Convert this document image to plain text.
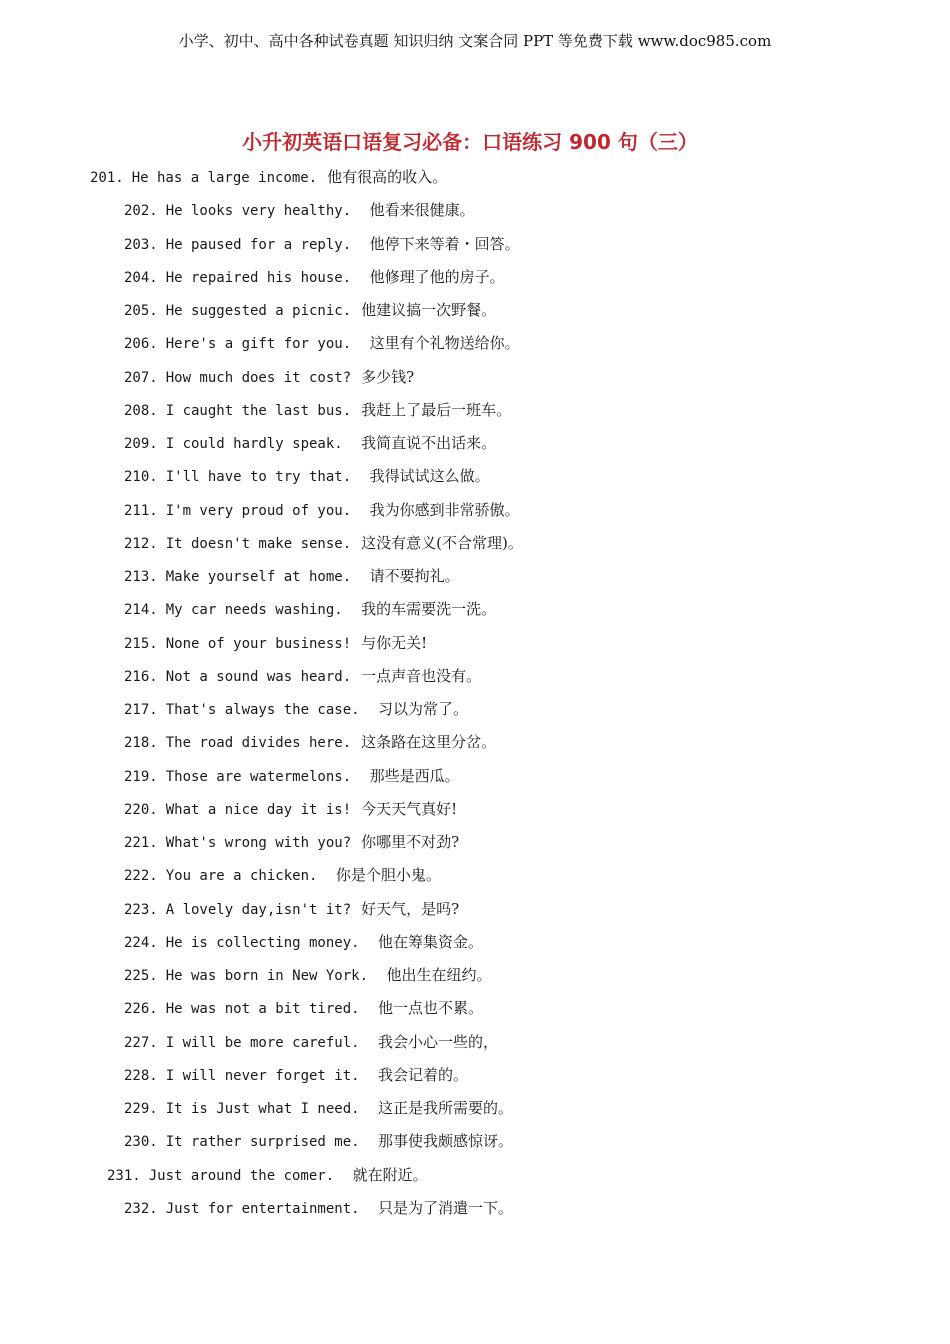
小学、初中、高中各种试卷真题 知识归纳 文案合同 PPT 等免费下载 www.doc985.com
小升初英语口语复习必备：口语练习 900 句（三）
201. He has a large income. 他有很高的收入。
202. He looks very healthy. 他看来很健康。
203. He paused for a reply. 他停下来等着・回答。
204. He repaired his house. 他修理了他的房子。
205. He suggested a picnic. 他建议搞一次野餐。
206. Here's a gift for you. 这里有个礼物送给你。
207. How much does it cost? 多少钱?
208. I caught the last bus. 我赶上了最后一班车。
209. I could hardly speak. 我简直说不出话来。
210. I'll have to try that. 我得试试这么做。
211. I'm very proud of you. 我为你感到非常骄傲。
212. It doesn't make sense. 这没有意义(不合常理)。
213. Make yourself at home. 请不要拘礼。
214. My car needs washing. 我的车需要洗一洗。
215. None of your business! 与你无关!
216. Not a sound was heard. 一点声音也没有。
217. That's always the case. 习以为常了。
218. The road divides here. 这条路在这里分岔。
219. Those are watermelons. 那些是西瓜。
220. What a nice day it is! 今天天气真好!
221. What's wrong with you? 你哪里不对劲?
222. You are a chicken. 你是个胆小鬼。
223. A lovely day,isn't it? 好天气，是吗?
224. He is collecting money. 他在筹集资金。
225. He was born in New York. 他出生在纽约。
226. He was not a bit tired. 他一点也不累。
227. I will be more careful. 我会小心一些的，
228. I will never forget it. 我会记着的。
229. It is Just what I need. 这正是我所需要的。
230. It rather surprised me. 那事使我颇感惊讶。
231. Just around the comer. 就在附近。
232. Just for entertainment. 只是为了消遣一下。
